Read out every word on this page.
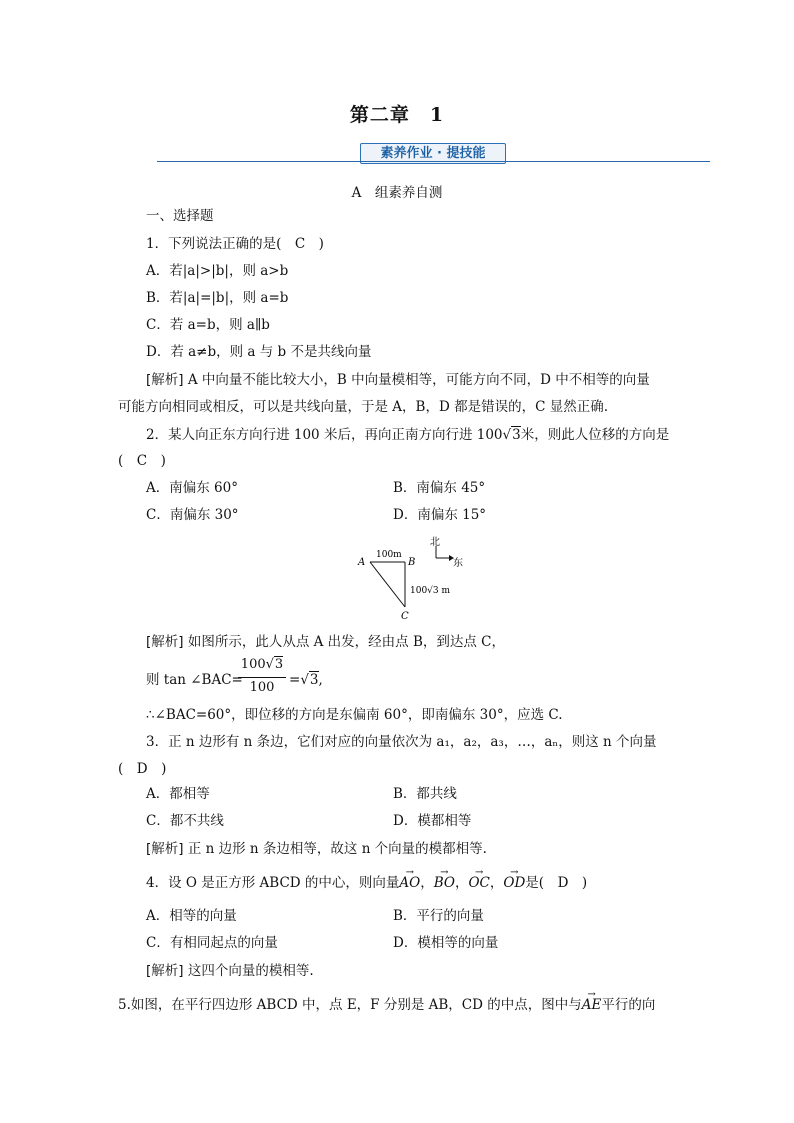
第二章　1
素养作业 · 提技能
A　组素养自测
一、选择题
1．下列说法正确的是(　C　)
A．若|a|>|b|，则 a>b
B．若|a|=|b|，则 a=b
C．若 a=b，则 a∥b
D．若 a≠b，则 a 与 b 不是共线向量
[解析] A 中向量不能比较大小，B 中向量模相等，可能方向不同，D 中不相等的向量
可能方向相同或相反，可以是共线向量，于是 A，B，D 都是错误的，C 显然正确.
2．某人向正东方向行进 100 米后，再向正南方向行进 100√3米，则此人位移的方向是
(　C　)
A．南偏东 60°	B．南偏东 45°
C．南偏东 30°	D．南偏东 15°
A	B
C
100m
100√3 m
北
东
[解析] 如图所示，此人从点 A 出发，经由点 B，到达点 C，
则 tan ∠BAC=
100√3
100	=√3,
∴∠BAC=60°，即位移的方向是东偏南 60°，即南偏东 30°，应选 C.
3．正 n 边形有 n 条边，它们对应的向量依次为 a₁，a₂，a₃，…，aₙ，则这 n 个向量
(　D　)
A．都相等	B．都共线
C．都不共线	D．模都相等
[解析] 正 n 边形 n 条边相等，故这 n 个向量的模都相等.
4．设 O 是正方形 ABCD 的中心，则向量→ AO，→ BO，→ OC，→ OD是(　D　)
A．相等的向量	B．平行的向量
C．有相同起点的向量	D．模相等的向量
[解析] 这四个向量的模相等.
5.如图，在平行四边形 ABCD 中，点 E，F 分别是 AB，CD 的中点，图中与→ AE平行的向
